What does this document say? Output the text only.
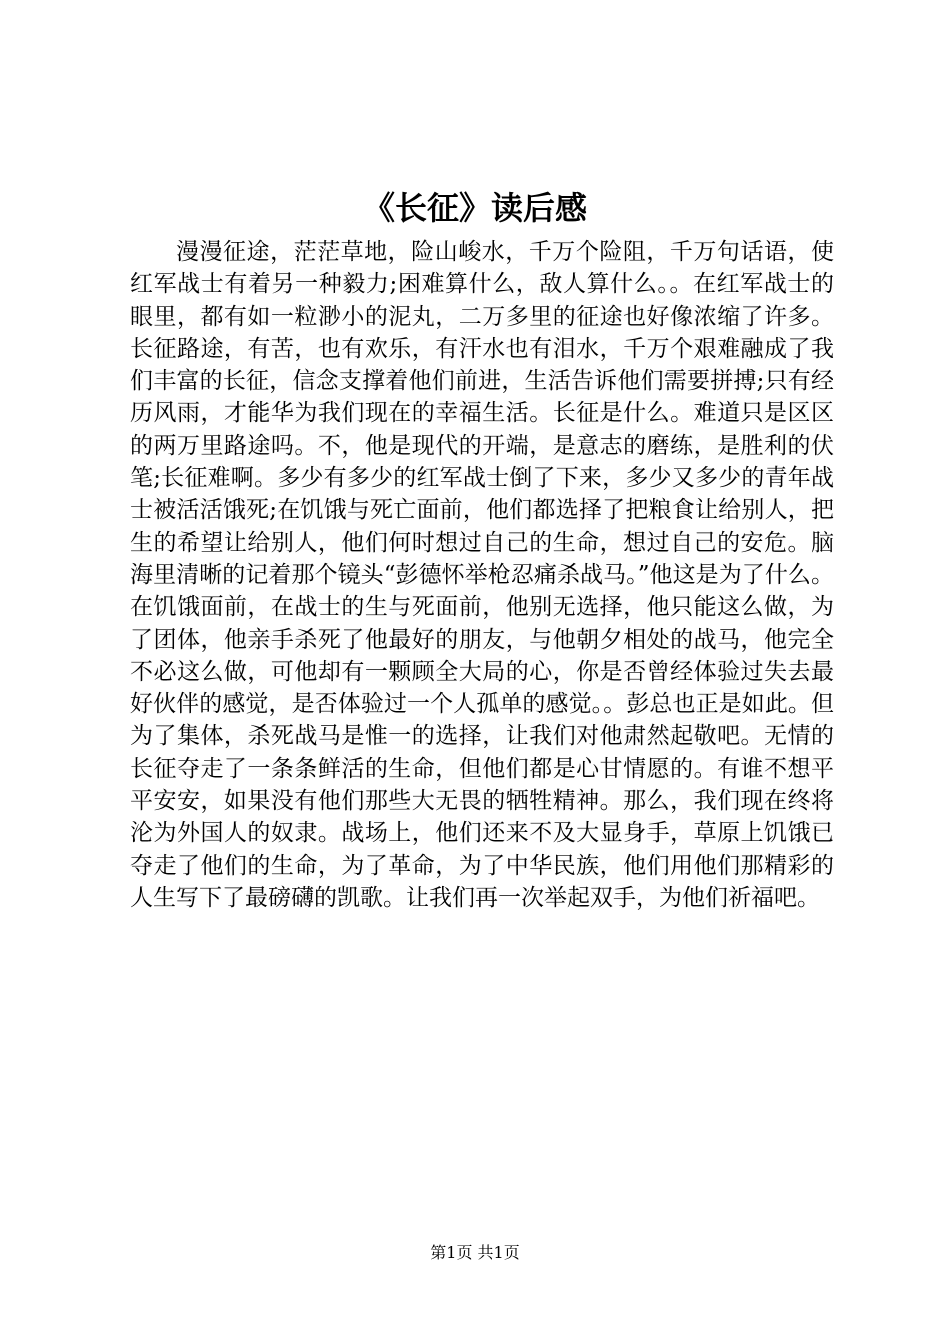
《长征》读后感

漫漫征途，茫茫草地，险山峻水，千万个险阻，千万句话语，使红军战士有着另一种毅力;困难算什么，敌人算什么。。在红军战士的眼里，都有如一粒渺小的泥丸，二万多里的征途也好像浓缩了许多。长征路途，有苦，也有欢乐，有汗水也有泪水，千万个艰难融成了我们丰富的长征，信念支撑着他们前进，生活告诉他们需要拼搏;只有经历风雨，才能华为我们现在的幸福生活。长征是什么。难道只是区区的两万里路途吗。不，他是现代的开端，是意志的磨练，是胜利的伏笔;长征难啊。多少有多少的红军战士倒了下来，多少又多少的青年战士被活活饿死;在饥饿与死亡面前，他们都选择了把粮食让给别人，把生的希望让给别人，他们何时想过自己的生命，想过自己的安危。脑海里清晰的记着那个镜头“彭德怀举枪忍痛杀战马。”他这是为了什么。在饥饿面前，在战士的生与死面前，他别无选择，他只能这么做，为了团体，他亲手杀死了他最好的朋友，与他朝夕相处的战马，他完全不必这么做，可他却有一颗顾全大局的心，你是否曾经体验过失去最好伙伴的感觉，是否体验过一个人孤单的感觉。。彭总也正是如此。但为了集体，杀死战马是惟一的选择，让我们对他肃然起敬吧。无情的长征夺走了一条条鲜活的生命，但他们都是心甘情愿的。有谁不想平平安安，如果没有他们那些大无畏的牺牲精神。那么，我们现在终将沦为外国人的奴隶。战场上，他们还来不及大显身手，草原上饥饿已夺走了他们的生命，为了革命，为了中华民族，他们用他们那精彩的人生写下了最磅礴的凯歌。让我们再一次举起双手，为他们祈福吧。

第1页 共1页
